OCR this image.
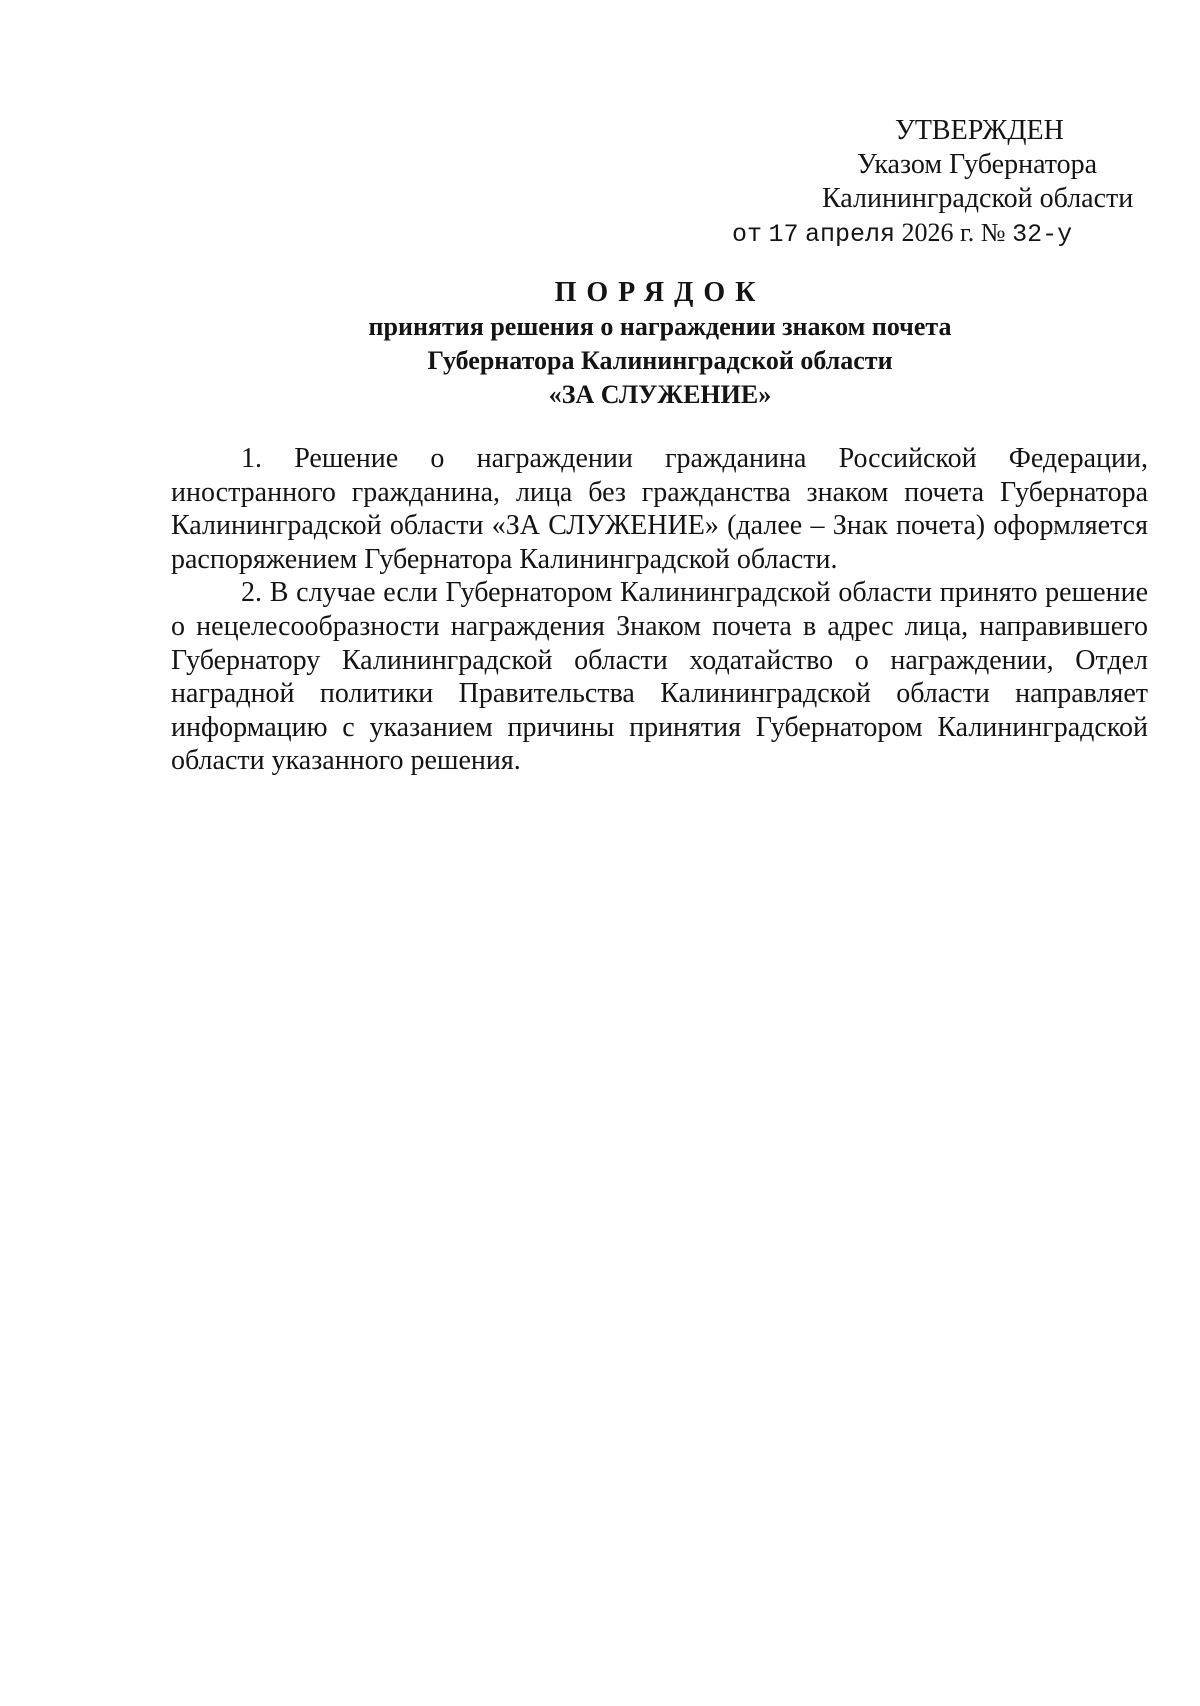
УТВЕРЖДЕН
Указом Губернатора
Калининградской области
от 17 апреля 2026 г. № 32-у
ПОРЯДОК
принятия решения о награждении знаком почета
Губернатора Калининградской области
«ЗА СЛУЖЕНИЕ»

1. Решение о награждении гражданина Российской Федерации, иностранного гражданина, лица без гражданства знаком почета Губернатора Калининградской области «ЗА СЛУЖЕНИЕ» (далее – Знак почета) оформляется распоряжением Губернатора Калининградской области.

2. В случае если Губернатором Калининградской области принято решение о нецелесообразности награждения Знаком почета в адрес лица, направившего Губернатору Калининградской области ходатайство о награждении, Отдел наградной политики Правительства Калининградской области направляет информацию с указанием причины принятия Губернатором Калининградской области указанного решения.
